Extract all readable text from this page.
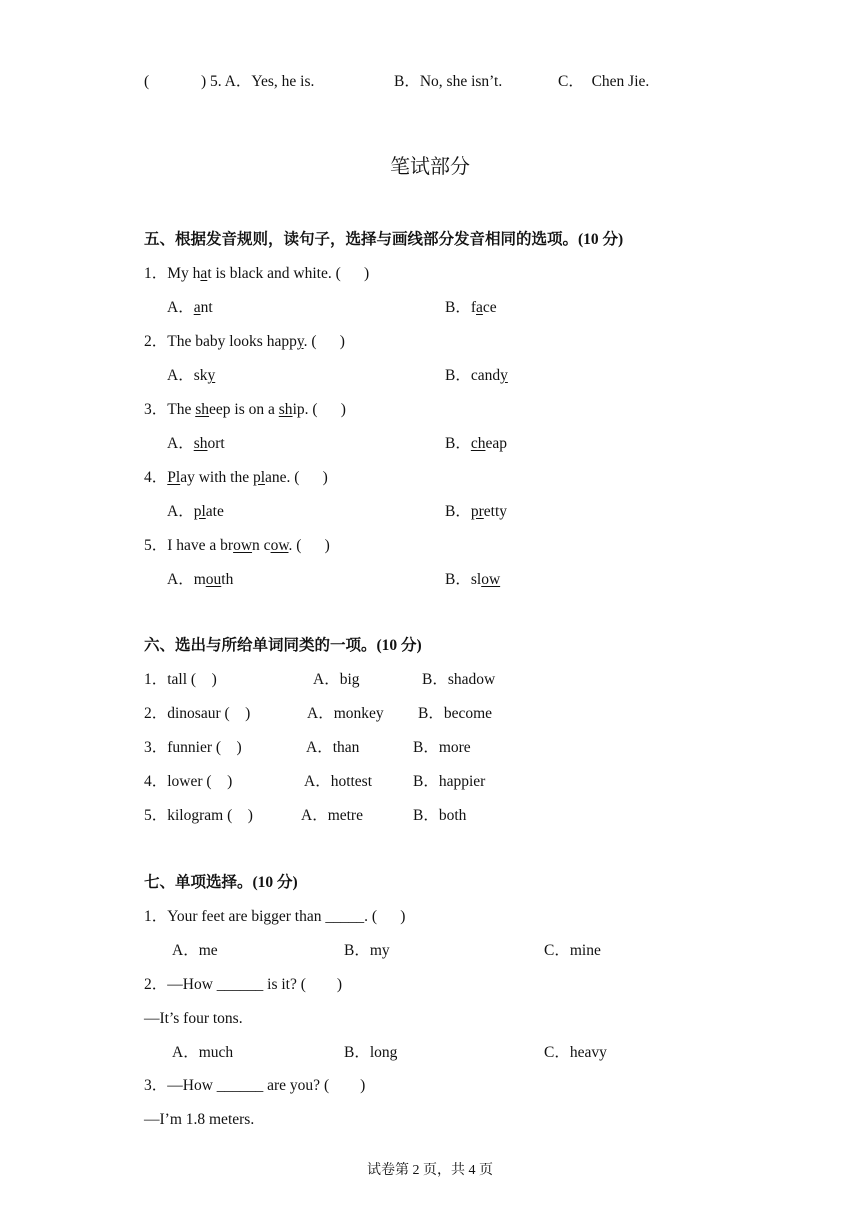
(	) 5. A．Yes, he is.	B．No, she isn’t.	C．  Chen Jie.
笔试部分
五、根据发音规则，读句子，选择与画线部分发音相同的选项。(10 分)
1．My hat is black and white. (      )
A．ant	B．face
2．The baby looks happy. (      )
A．sky	B．candy
3．The sheep is on a ship. (      )
A．short	B．cheap
4．Play with the plane. (      )
A．plate	B．pretty
5．I have a brown cow. (      )
A．mouth	B．slow
六、选出与所给单词同类的一项。(10 分)
1．tall (    )	A．big	B．shadow
2．dinosaur (    )	A．monkey B．become
3．funnier (    )	A．than	B．more
4．lower (    )	A．hottest	B．happier
5．kilogram (    )	A．metre	B．both
七、单项选择。(10 分)
1．Your feet are bigger than _____. (      )
A．me	B．my	C．mine
2．—How ______ is it? (        )
—It’s four tons.
A．much	B．long	C．heavy
3．—How ______ are you? (        )
—I’m 1.8 meters.
试卷第 2 页，共 4 页
